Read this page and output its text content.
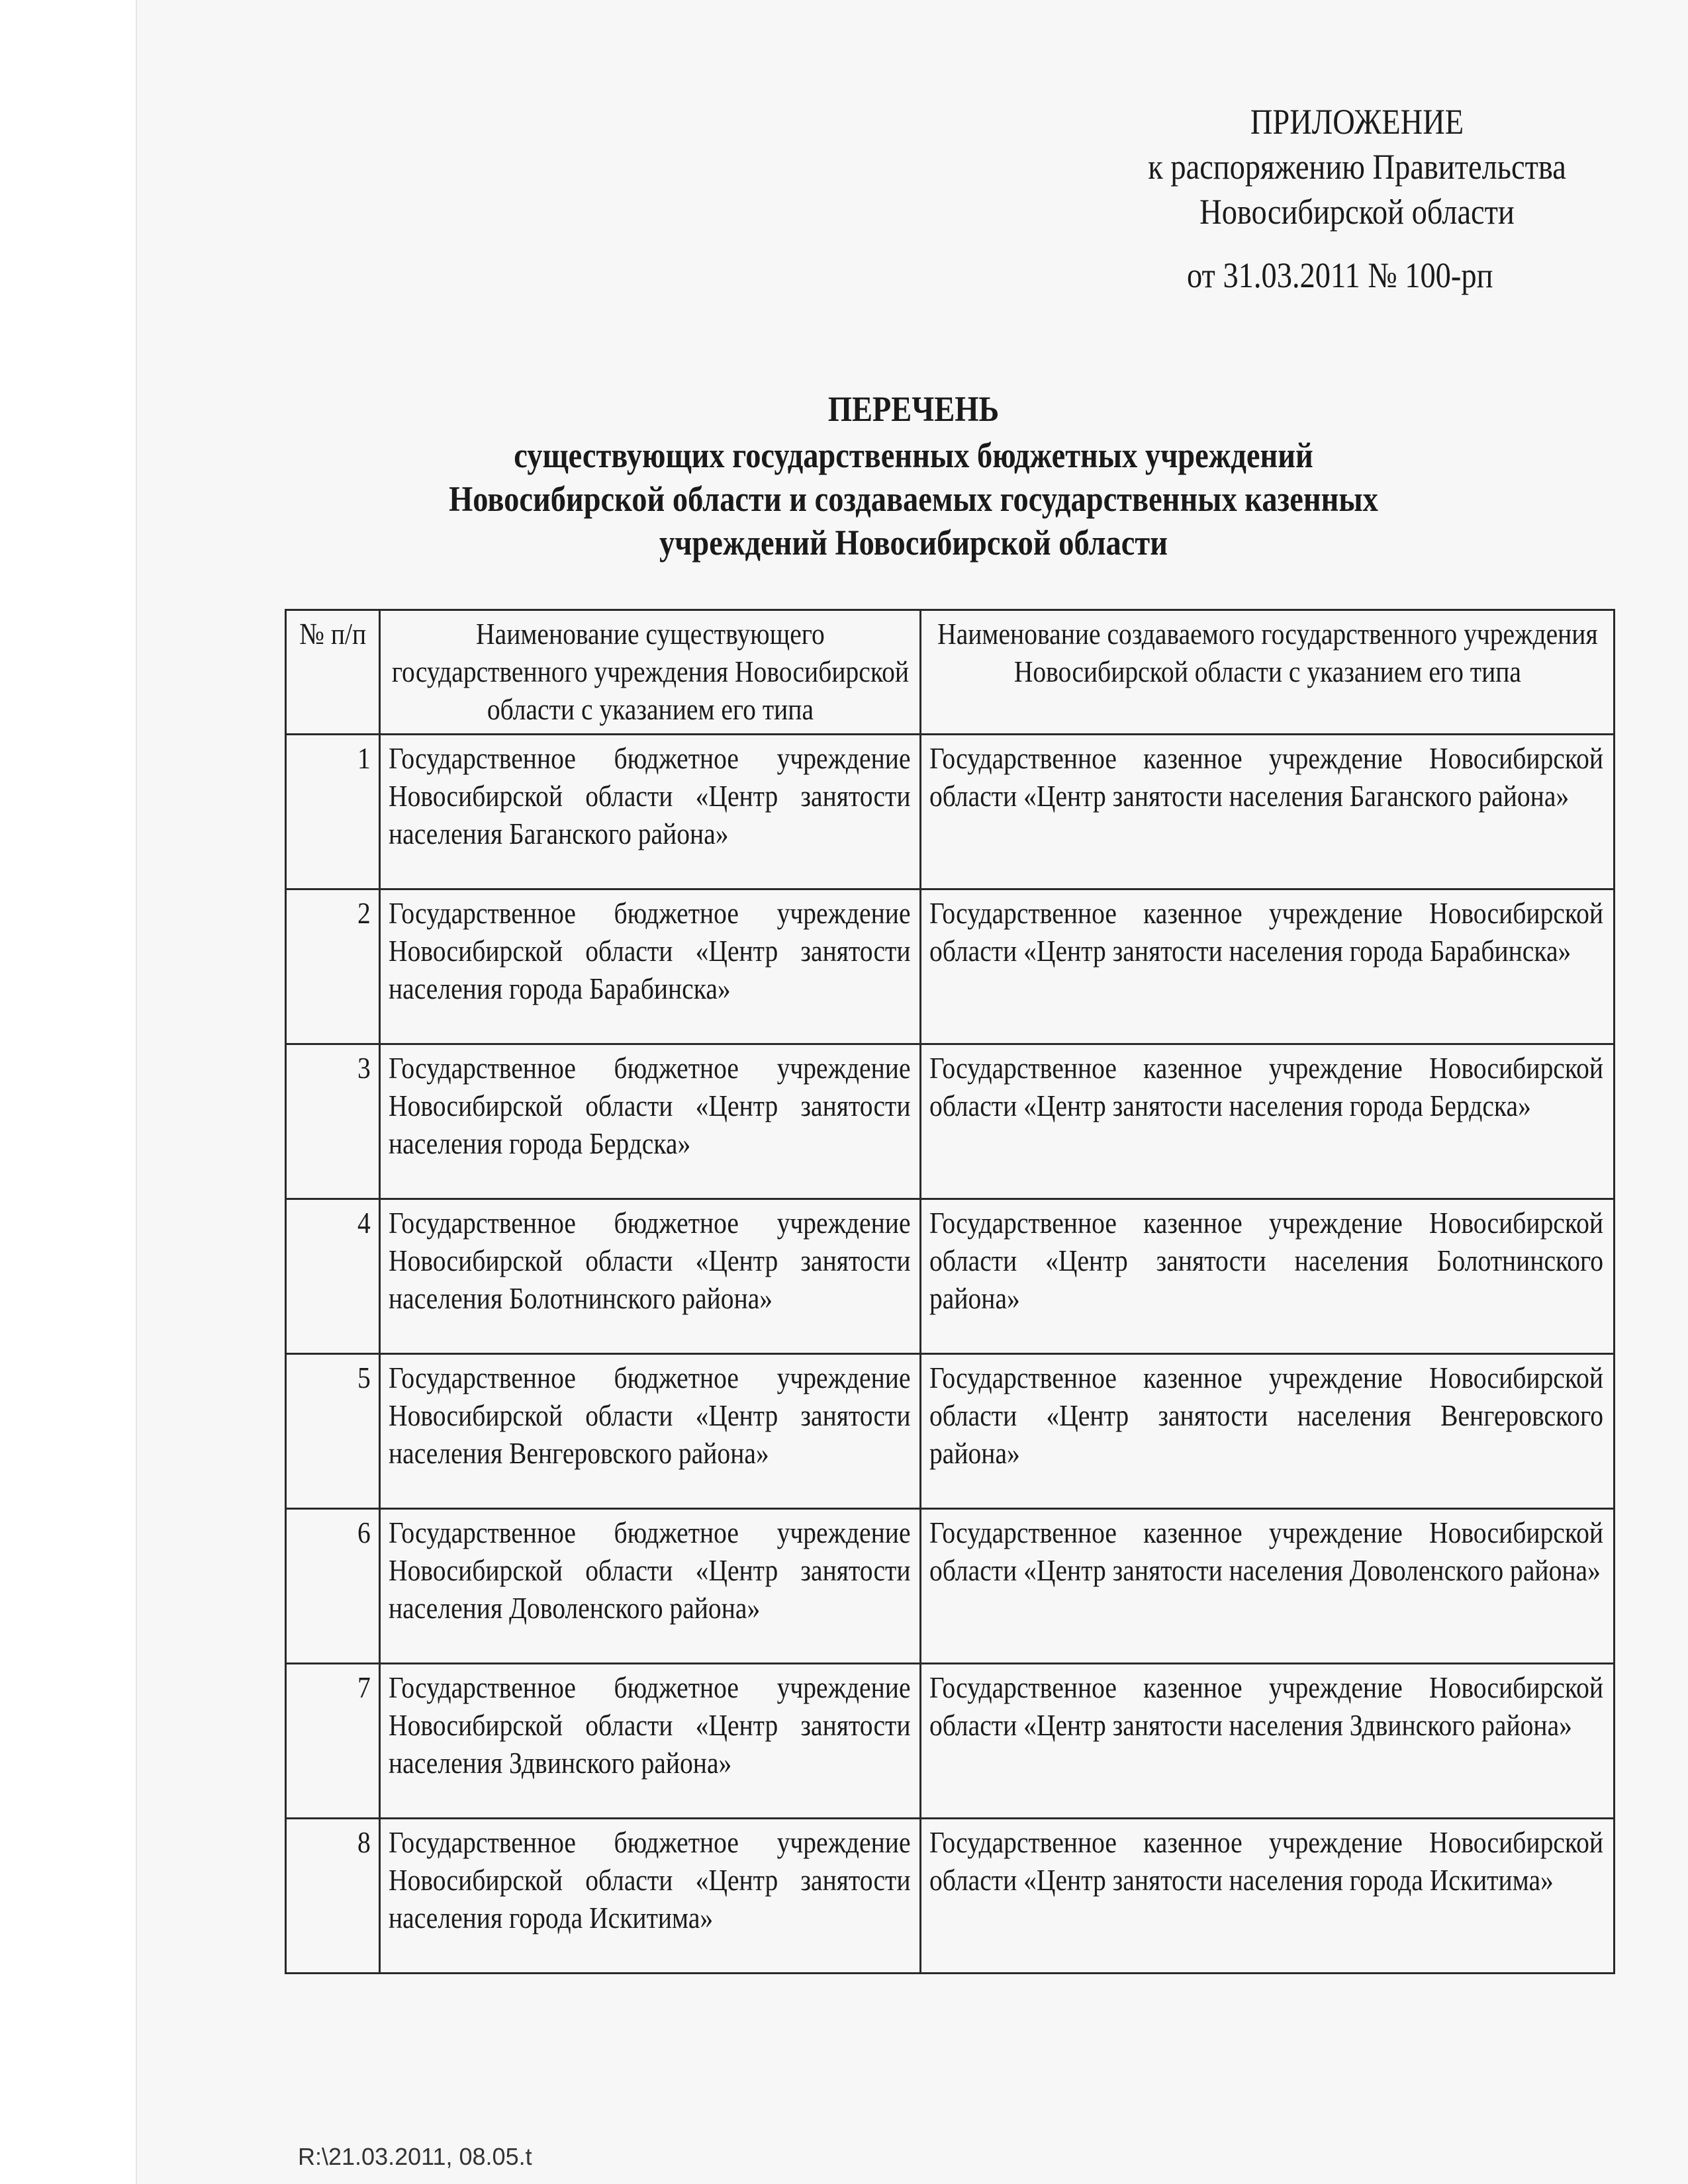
ПРИЛОЖЕНИЕ
к распоряжению Правительства
Новосибирской области
от 31.03.2011 № 100-рп
ПЕРЕЧЕНЬ
существующих государственных бюджетных учреждений
Новосибирской области и создаваемых государственных казенных
учреждений Новосибирской области
№ п/п	Наименование существующего государственного учреждения Новосибирской области с указанием его типа	Наименование создаваемого государственного учреждения Новосибирской области с указанием его типа

1	Государственное бюджетное учреждение Новосибирской области «Центр занятости населения Баганского района»	Государственное казенное учреждение Новосибирской области «Центр занятости населения Баганского района»

2	Государственное бюджетное учреждение Новосибирской области «Центр занятости населения города Барабинска»	Государственное казенное учреждение Новосибирской области «Центр занятости населения города Барабинска»

3	Государственное бюджетное учреждение Новосибирской области «Центр занятости населения города Бердска»	Государственное казенное учреждение Новосибирской области «Центр занятости населения города Бердска»

4	Государственное бюджетное учреждение Новосибирской области «Центр занятости населения Болотнинского района»	Государственное казенное учреждение Новосибирской области «Центр занятости населения Болотнинского района»

5	Государственное бюджетное учреждение Новосибирской области «Центр занятости населения Венгеровского района»	Государственное казенное учреждение Новосибирской области «Центр занятости населения Венгеровского района»

6	Государственное бюджетное учреждение Новосибирской области «Центр занятости населения Доволенского района»	Государственное казенное учреждение Новосибирской области «Центр занятости населения Доволенского района»

7	Государственное бюджетное учреждение Новосибирской области «Центр занятости населения Здвинского района»	Государственное казенное учреждение Новосибирской области «Центр занятости населения Здвинского района»

8	Государственное бюджетное учреждение Новосибирской области «Центр занятости населения города Искитима»	Государственное казенное учреждение Новосибирской области «Центр занятости населения города Искитима»
R:\21.03.2011, 08.05.t
